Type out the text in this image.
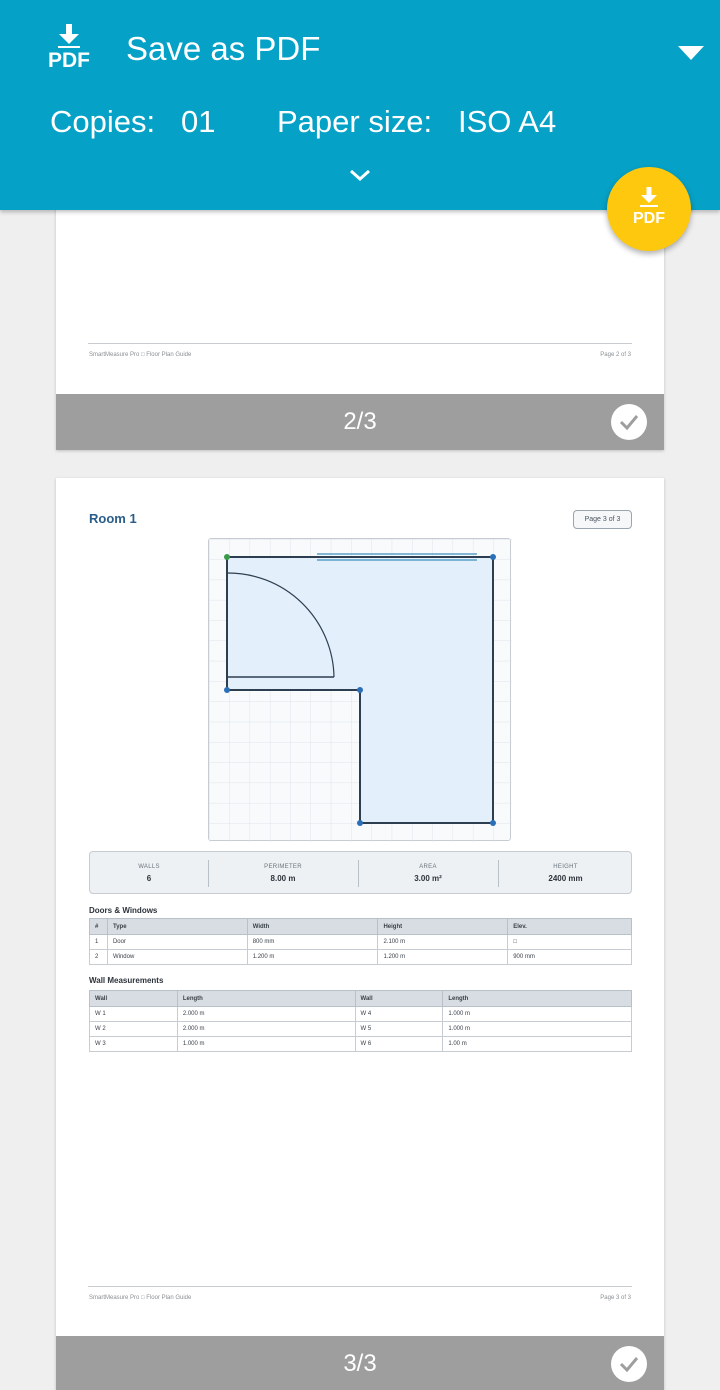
PDF Save as PDF
Copies: 01 Paper size: ISO A4
PDF
SmartMeasure Pro □ Floor Plan Guide	Page 2 of 3
2/3
Room 1	Page 3 of 3
WALLS
6
PERIMETER
8.00 m
AREA
3.00 m²
HEIGHT
2400 mm
Doors & Windows
#	Type	Width	Height	Elev.
1	Door	800 mm	2.100 m	□
2	Window	1.200 m	1.200 m	900 mm
Wall Measurements
Wall	Length	Wall	Length
W 1	2.000 m	W 4	1.000 m
W 2	2.000 m	W 5	1.000 m
W 3	1.000 m	W 6	1.00 m
SmartMeasure Pro □ Floor Plan Guide	Page 3 of 3
3/3
